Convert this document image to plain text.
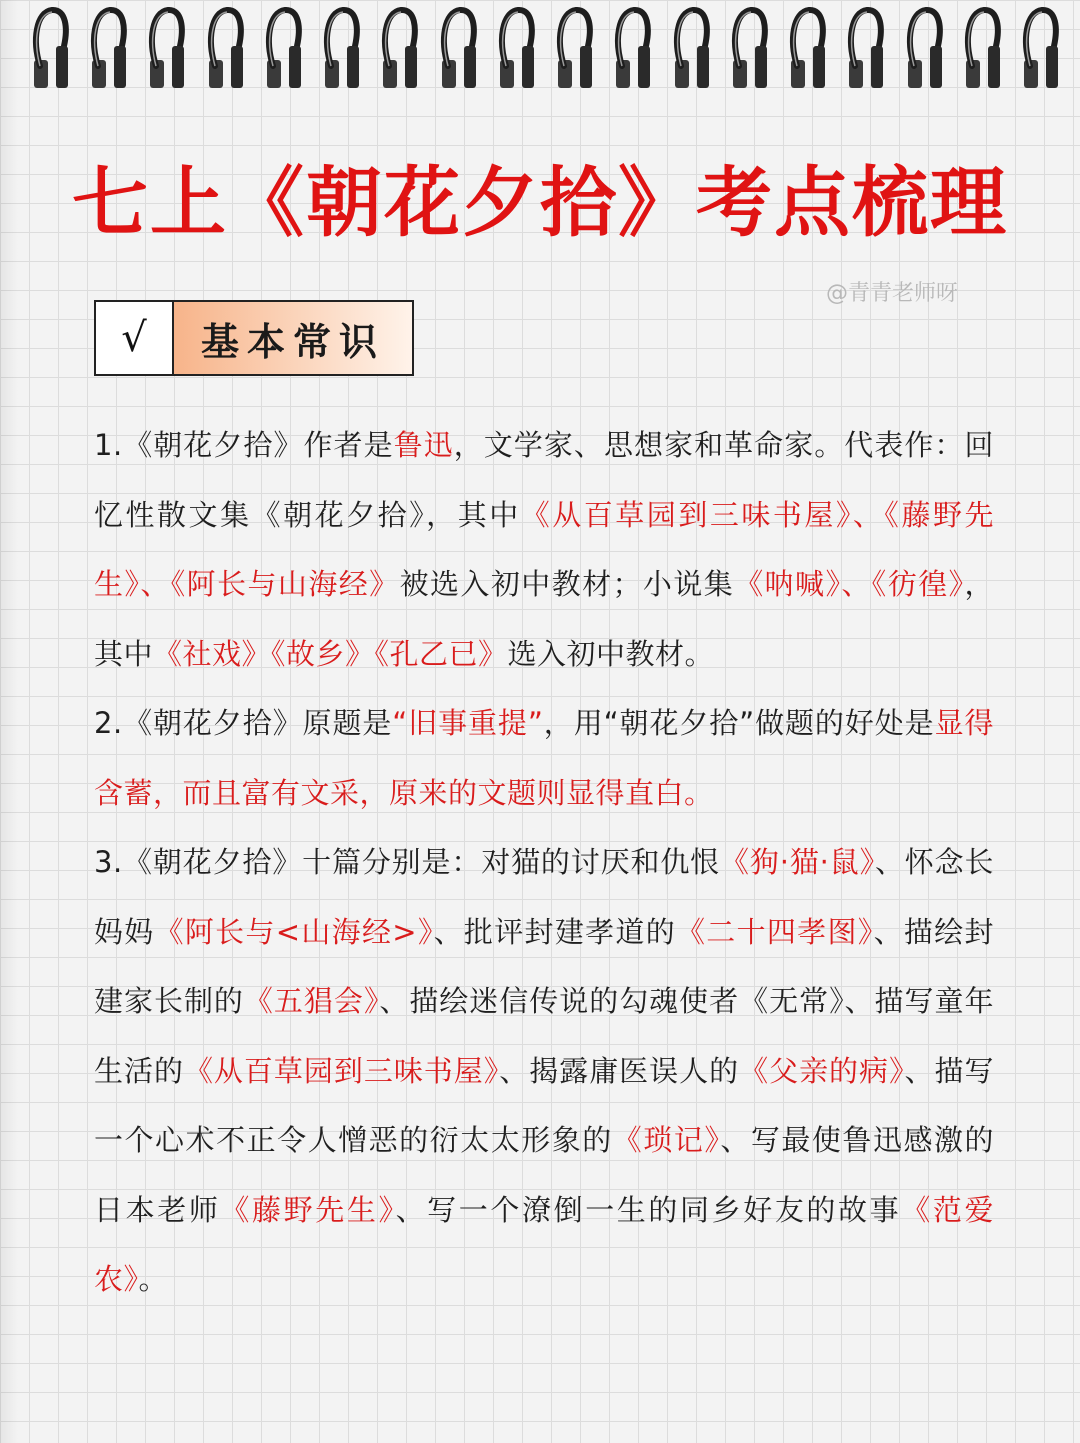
七上《朝花夕拾》考点梳理
@青青老师呀
√	基本常识

1.《朝花夕拾》作者是鲁迅，文学家、思想家和革命家。代表作：回忆性散文集《朝花夕拾》，其中《从百草园到三味书屋》、《藤野先生》、《阿长与山海经》被选入初中教材；小说集《呐喊》、《彷徨》，其中《社戏》《故乡》《孔乙已》选入初中教材。

2.《朝花夕拾》原题是“旧事重提”，用“朝花夕拾”做题的好处是显得含蓄，而且富有文采，原来的文题则显得直白。

3.《朝花夕拾》十篇分别是：对猫的讨厌和仇恨《狗·猫·鼠》、怀念长妈妈《阿长与<山海经>》、批评封建孝道的《二十四孝图》、描绘封建家长制的《五猖会》、描绘迷信传说的勾魂使者《无常》、描写童年生活的《从百草园到三味书屋》、揭露庸医误人的《父亲的病》、描写一个心术不正令人憎恶的衍太太形象的《琐记》、写最使鲁迅感激的日本老师《藤野先生》、写一个潦倒一生的同乡好友的故事《范爱农》。
